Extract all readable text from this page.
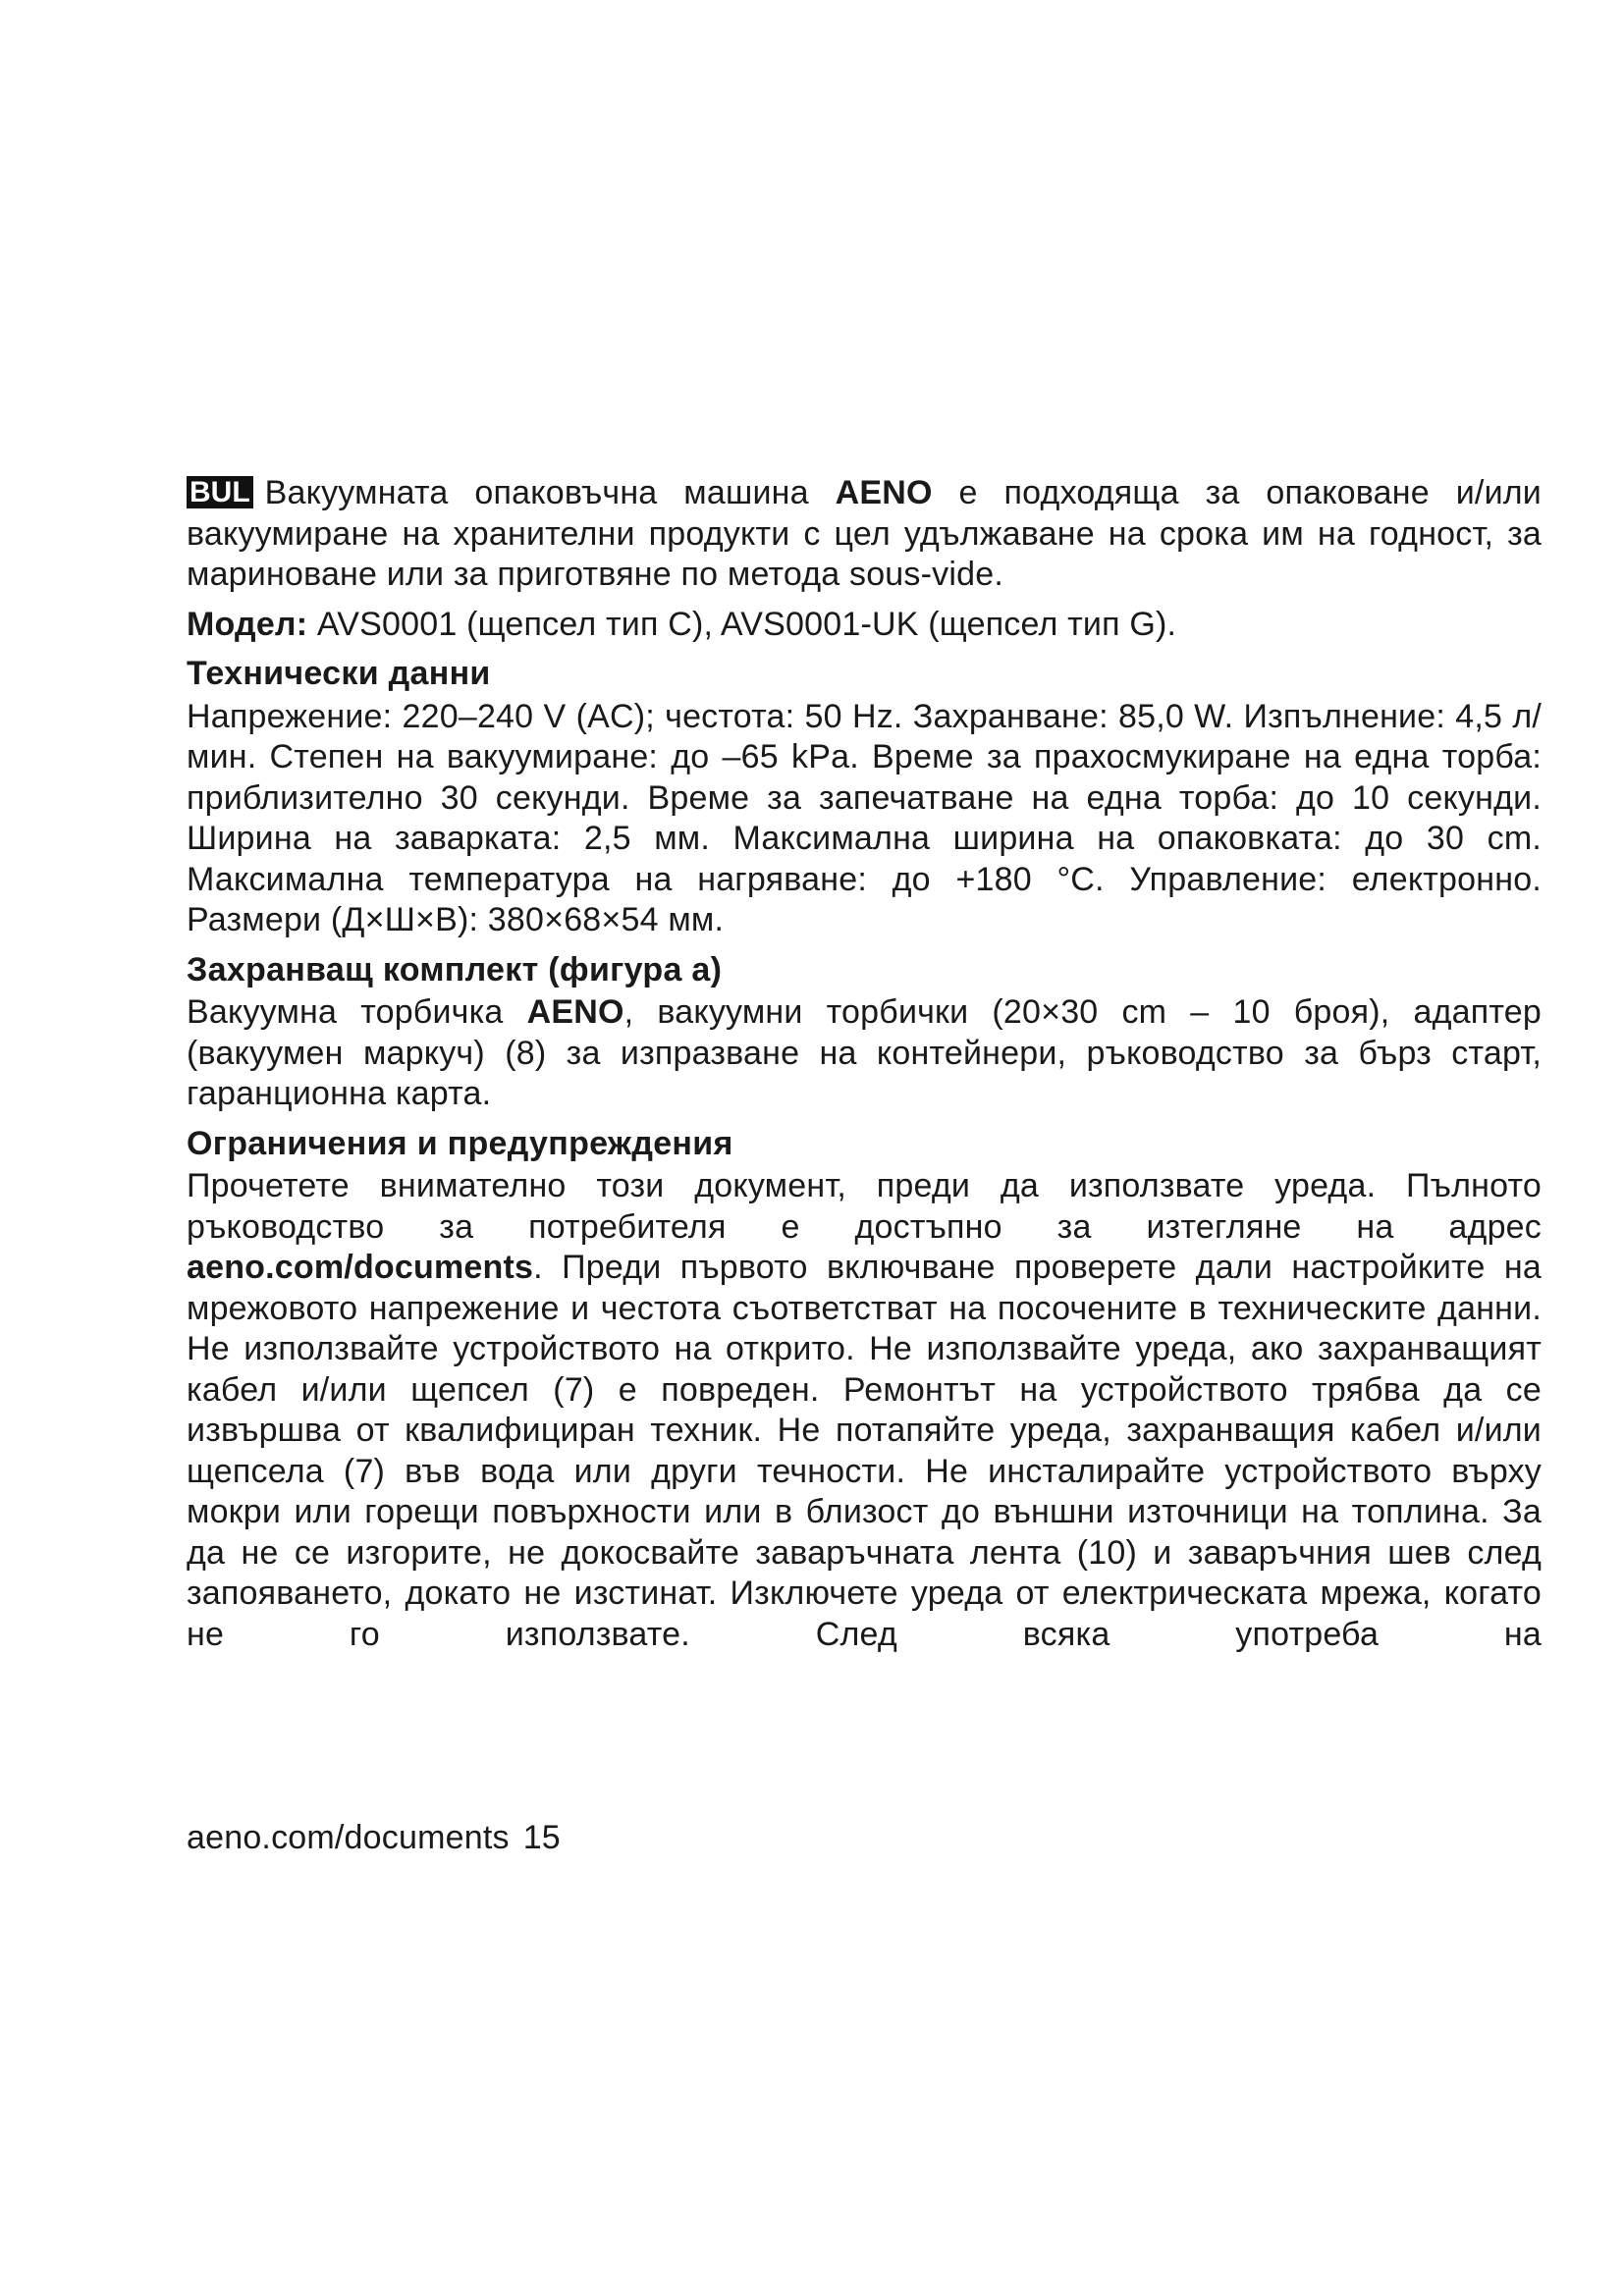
BUL Вакуумната опаковъчна машина AENO е подходяща за опаковане и/или вакуумиране на хранителни продукти с цел удължаване на срока им на годност, за мариноване или за приготвяне по метода sous-vide.

Модел: AVS0001 (щепсел тип C), AVS0001-UK (щепсел тип G).

Технически данни

Напрежение: 220–240 V (AC); честота: 50 Hz. Захранване: 85,0 W. Изпълнение: 4,5 л/мин. Степен на вакуумиране: до –65 kPa. Време за прахосмукиране на една торба: приблизително 30 секунди. Време за запечатване на една торба: до 10 секунди. Ширина на заварката: 2,5 мм. Максимална ширина на опаковката: до 30 cm. Максимална температура на нагряване: до +180 °С. Управление: електронно. Размери (Д×Ш×В): 380×68×54 мм.

Захранващ комплект (фигура а)

Вакуумна торбичка AENO, вакуумни торбички (20×30 cm – 10 броя), адаптер (вакуумен маркуч) (8) за изпразване на контейнери, ръководство за бърз старт, гаранционна карта.

Ограничения и предупреждения

Прочетете внимателно този документ, преди да използвате уреда. Пълното ръководство за потребителя е достъпно за изтегляне на адрес aeno.com/documents. Преди първото включване проверете дали настройките на мрежовото напрежение и честота съответстват на посочените в техническите данни. Не използвайте устройството на открито. Не използвайте уреда, ако захранващият кабел и/или щепсел (7) е повреден. Ремонтът на устройството трябва да се извършва от квалифициран техник. Не потапяйте уреда, захранващия кабел и/или щепсела (7) във вода или други течности. Не инсталирайте устройството върху мокри или горещи повърхности или в близост до външни източници на топлина. За да не се изгорите, не докосвайте заваръчната лента (10) и заваръчния шев след запояването, докато не изстинат. Изключете уреда от електрическата мрежа, когато не го използвате. След всяка употреба на

aeno.com/documents 15
